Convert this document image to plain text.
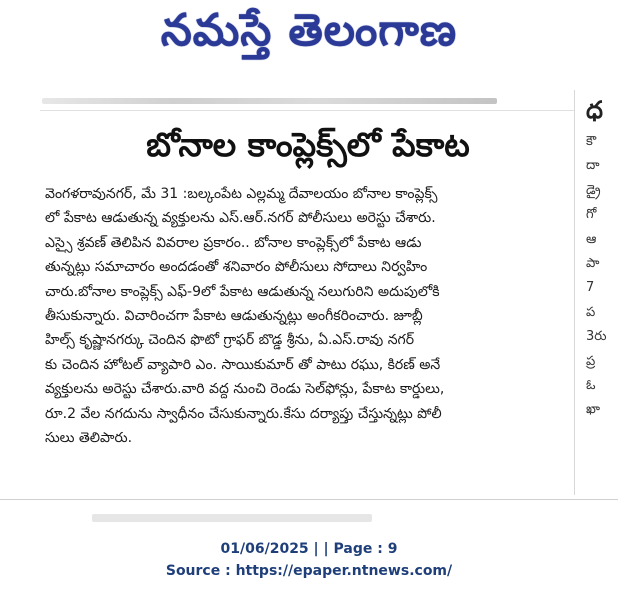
నమస్తే తెలంగాణ
బోనాల కాంప్లెక్స్‌లో పేకాట
వెంగళరావునగర్, మే 31 :బల్కంపేట ఎల్లమ్మ దేవాలయం బోనాల కాంప్లెక్స్
లో పేకాట ఆడుతున్న వ్యక్తులను ఎస్.ఆర్.నగర్ పోలీసులు అరెస్టు చేశారు.
ఎస్సై శ్రవణ్ తెలిపిన వివరాల ప్రకారం.. బోనాల కాంప్లెక్స్‌లో పేకాట ఆడు
తున్నట్లు సమాచారం అందడంతో శనివారం పోలీసులు సోదాలు నిర్వహిం
చారు.బోనాల కాంప్లెక్స్ ఎఫ్-9లో పేకాట ఆడుతున్న నలుగురిని అదుపులోకి
తీసుకున్నారు. విచారించగా పేకాట ఆడుతున్నట్లు అంగీకరించారు. జూబ్లీ
హిల్స్ కృష్ణానగర్కు చెందిన ఫొటో గ్రాఫర్ బొడ్డ శ్రీను, ఏ.ఎస్.రావు నగర్
కు చెందిన హోటల్ వ్యాపారి ఎం. సాయికుమార్ తో పాటు రఘు, కిరణ్ అనే
వ్యక్తులను అరెస్టు చేశారు.వారి వద్ద నుంచి రెండు సెల్‌ఫోన్లు, పేకాట కార్డులు,
రూ.2 వేల నగదును స్వాధీనం చేసుకున్నారు.కేసు దర్యాప్తు చేస్తున్నట్లు పోలీ
సులు తెలిపారు.
ధ
కౌ
దా
డ్రై
గో
ఆ
పా
7
ప
3రు
ప్ర
ఓ
ఖా
01/06/2025 | | Page : 9
Source : https://epaper.ntnews.com/
